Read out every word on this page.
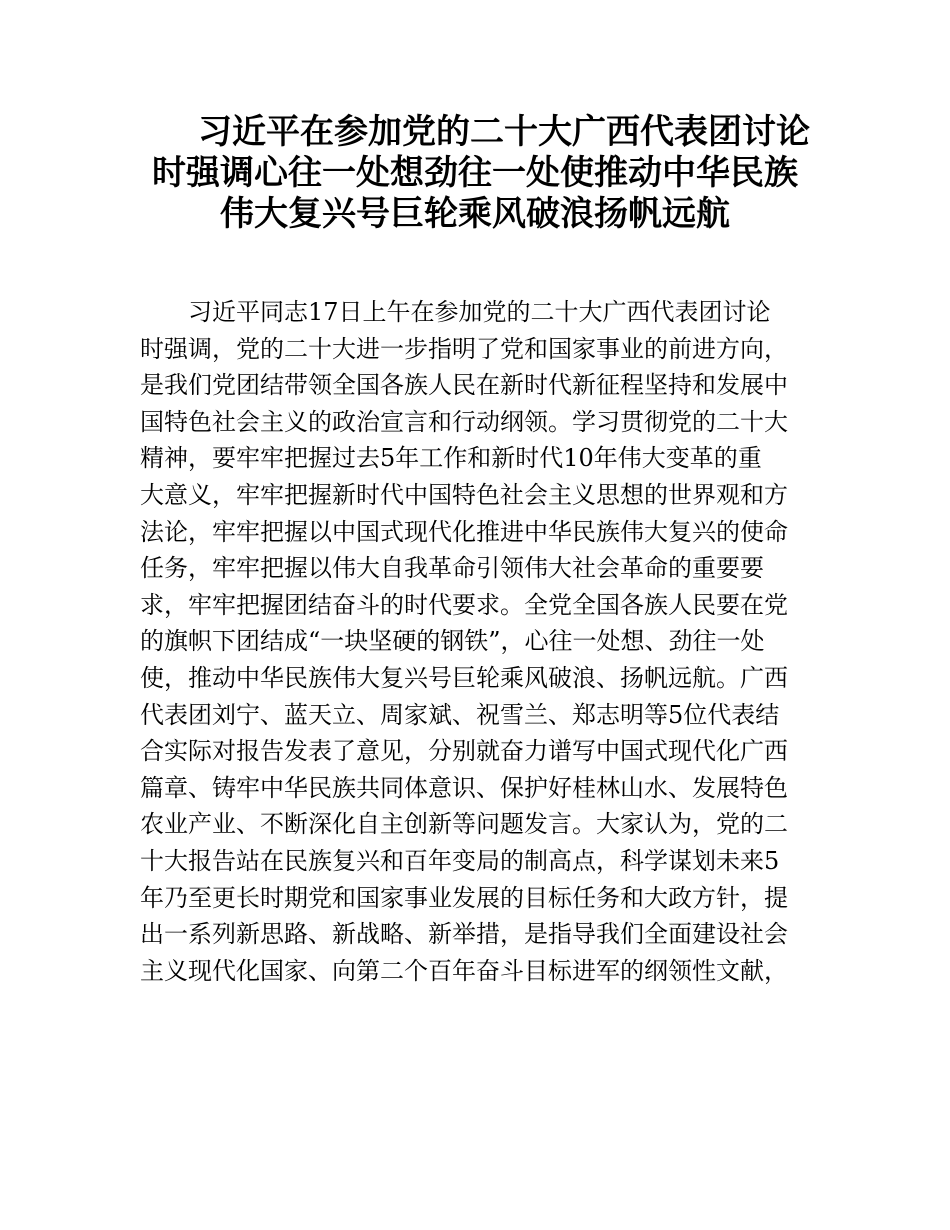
习近平在参加党的二十大广西代表团讨论
时强调心往一处想劲往一处使推动中华民族
伟大复兴号巨轮乘风破浪扬帆远航
习近平同志17日上午在参加党的二十大广西代表团讨论
时强调，党的二十大进一步指明了党和国家事业的前进方向，
是我们党团结带领全国各族人民在新时代新征程坚持和发展中
国特色社会主义的政治宣言和行动纲领。学习贯彻党的二十大
精神，要牢牢把握过去5年工作和新时代10年伟大变革的重
大意义，牢牢把握新时代中国特色社会主义思想的世界观和方
法论，牢牢把握以中国式现代化推进中华民族伟大复兴的使命
任务，牢牢把握以伟大自我革命引领伟大社会革命的重要要
求，牢牢把握团结奋斗的时代要求。全党全国各族人民要在党
的旗帜下团结成“一块坚硬的钢铁”，心往一处想、劲往一处
使，推动中华民族伟大复兴号巨轮乘风破浪、扬帆远航。广西
代表团刘宁、蓝天立、周家斌、祝雪兰、郑志明等5位代表结
合实际对报告发表了意见，分别就奋力谱写中国式现代化广西
篇章、铸牢中华民族共同体意识、保护好桂林山水、发展特色
农业产业、不断深化自主创新等问题发言。大家认为，党的二
十大报告站在民族复兴和百年变局的制高点，科学谋划未来5
年乃至更长时期党和国家事业发展的目标任务和大政方针，提
出一系列新思路、新战略、新举措，是指导我们全面建设社会
主义现代化国家、向第二个百年奋斗目标进军的纲领性文献，
